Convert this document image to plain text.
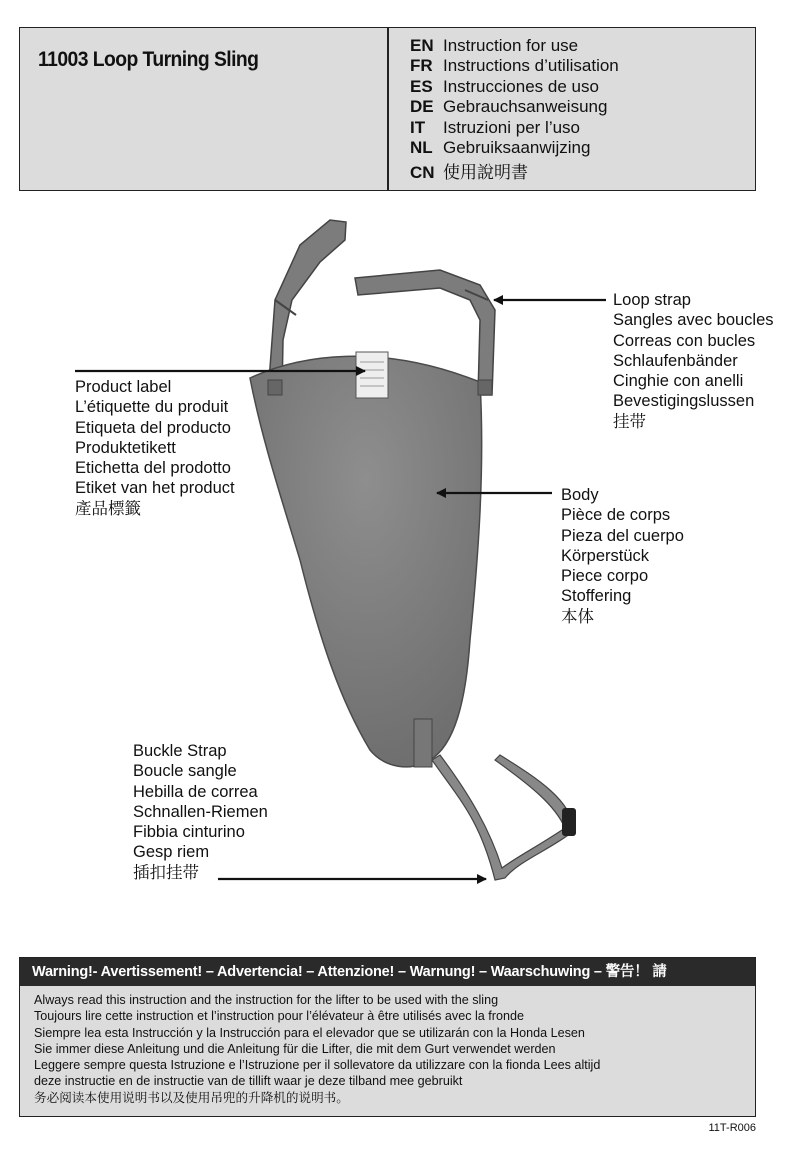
11003 Loop Turning Sling
EN Instruction for use
FR Instructions d’utilisation
ES Instrucciones de uso
DE Gebrauchsanweisung
IT	Istruzioni per l’uso
NL Gebruiksaanwijzing
CN 使用說明書
Loop strap
Sangles avec boucles
Correas con bucles
Schlaufenbänder
Cinghie con anelli
Bevestigingslussen
挂带
Product label
L’étiquette du produit
Etiqueta del producto
Produktetikett
Etichetta del prodotto
Etiket van het product
產品標籤
Body
Pièce de corps
Pieza del cuerpo
Körperstück
Piece corpo
Stoffering
本体
Buckle Strap
Boucle sangle
Hebilla de correa
Schnallen-Riemen
Fibbia cinturino
Gesp riem
插扣挂带
Warning!- Avertissement! – Advertencia! – Attenzione! – Warnung! – Waarschuwing – 警告！ 請
Always read this instruction and the instruction for the lifter to be used with the sling
Toujours lire cette instruction et l’instruction pour l’élévateur à être utilisés avec la fronde
Siempre lea esta Instrucción y la Instrucción para el elevador que se utilizarán con la Honda Lesen
Sie immer diese Anleitung und die Anleitung für die Lifter, die mit dem Gurt verwendet werden
Leggere sempre questa Istruzione e l’Istruzione per il sollevatore da utilizzare con la fionda Lees altijd
deze instructie en de instructie van de tillift waar je deze tilband mee gebruikt
务必阅读本使用说明书以及使用吊兜的升降机的说明书。
11T-R006
